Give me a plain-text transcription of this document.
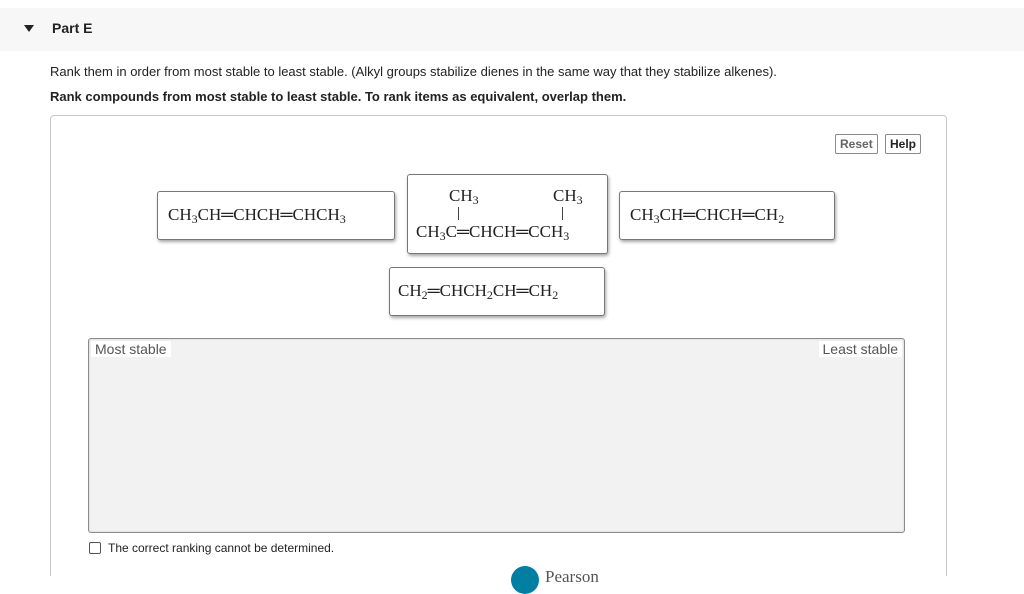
Part E
Rank them in order from most stable to least stable. (Alkyl groups stabilize dienes in the same way that they stabilize alkenes).
Rank compounds from most stable to least stable. To rank items as equivalent, overlap them.
Reset	Help
$CH_3CH═CHCH═CHCH_3$
$CH_3$	$CH_3$
$CH_3C═CHCH═CCH_3$
$CH_3CH═CHCH═CH_2$
$CH_2═CHCH_2CH═CH_2$
Most stable	Least stable
The correct ranking cannot be determined.
Pearson
